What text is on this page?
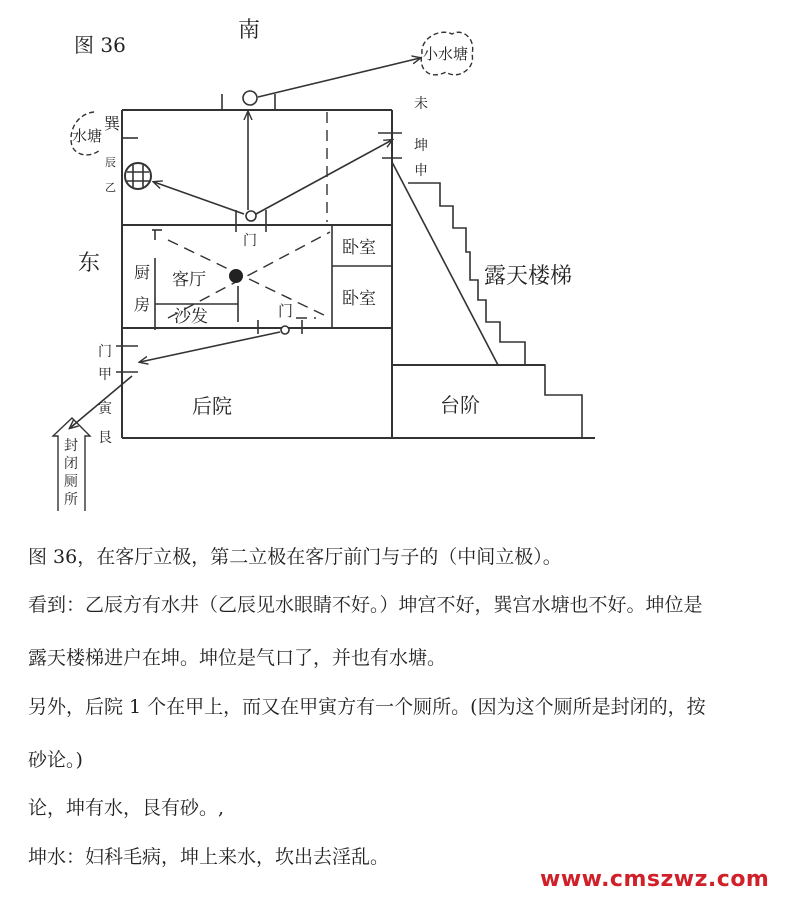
图 36
南
东
小水塘
水塘
巽
辰
乙
未
坤
申
门
厨
房
客厅
沙发	门
卧室
卧室
露天楼梯
后院	台阶
门
甲
寅
艮
封
闭
厕
所
图 36，在客厅立极，第二立极在客厅前门与子的（中间立极）。
看到：乙辰方有水井（乙辰见水眼睛不好。）坤宫不好，巽宫水塘也不好。坤位是
露天楼梯进户在坤。坤位是气口了，并也有水塘。
另外，后院 1 个在甲上，而又在甲寅方有一个厕所。(因为这个厕所是封闭的，按
砂论。)
论，坤有水，艮有砂。,
坤水：妇科毛病，坤上来水，坎出去淫乱。
www.cmszwz.com
